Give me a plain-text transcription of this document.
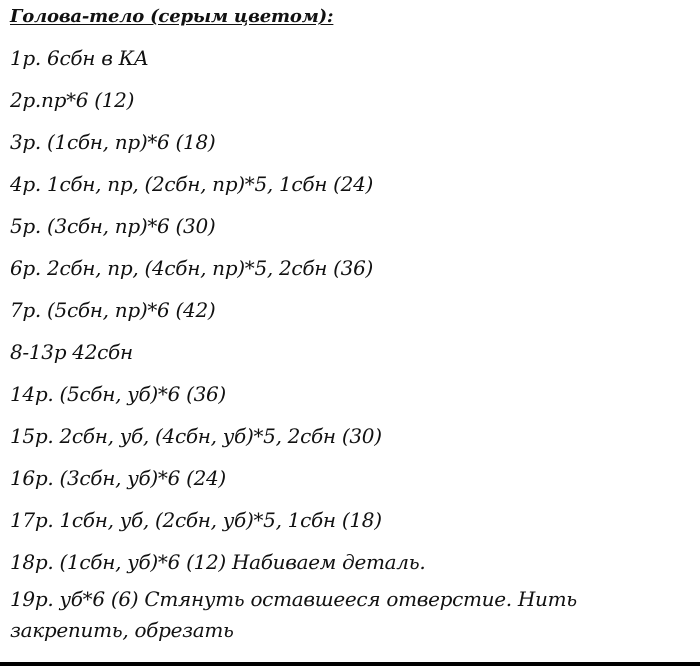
Голова-тело (серым цветом):
1р. 6сбн в КА
2р.пр*6 (12)
3р. (1сбн, пр)*6 (18)
4р. 1сбн, пр, (2сбн, пр)*5, 1сбн (24)
5р. (3сбн, пр)*6 (30)
6р. 2сбн, пр, (4сбн, пр)*5, 2сбн (36)
7р. (5сбн, пр)*6 (42)
8-13р 42сбн
14р. (5сбн, уб)*6 (36)
15р. 2сбн, уб, (4сбн, уб)*5, 2сбн (30)
16р. (3сбн, уб)*6 (24)
17р. 1сбн, уб, (2сбн, уб)*5, 1сбн (18)
18р. (1сбн, уб)*6 (12) Набиваем деталь.
19р. уб*6 (6) Стянуть оставшееся отверстие. Нить закрепить, обрезать
